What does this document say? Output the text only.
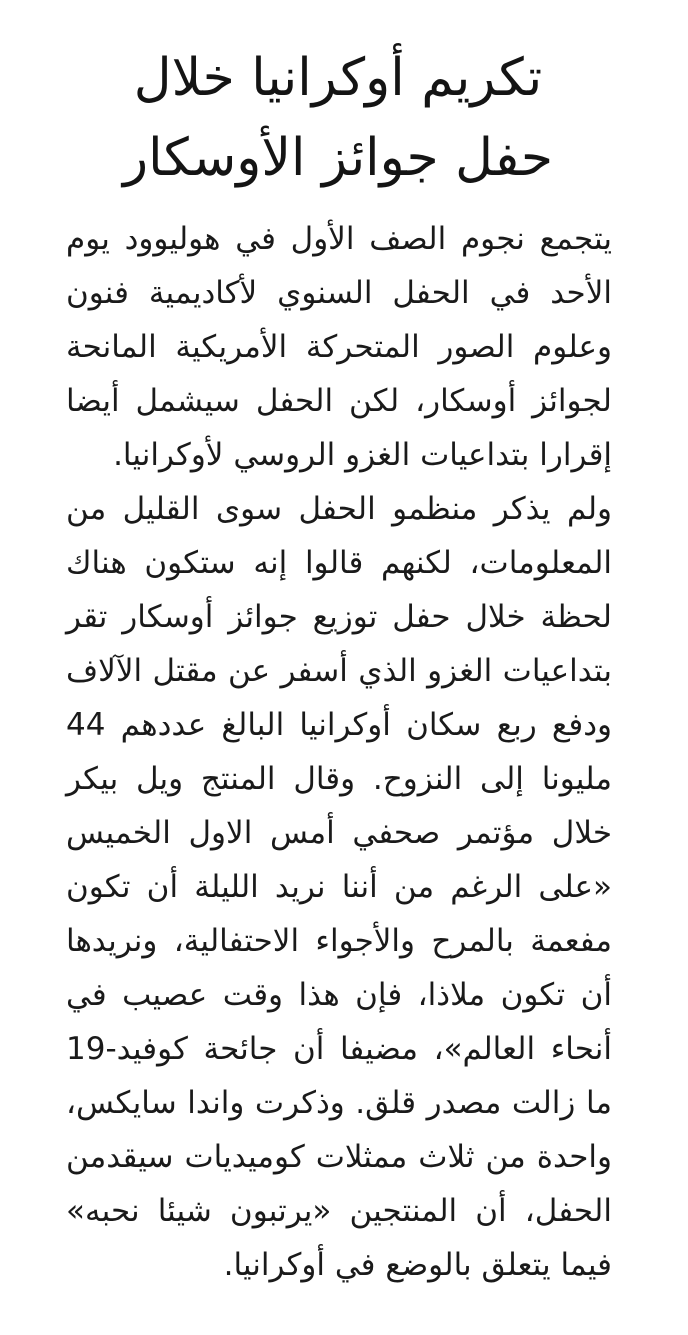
تكريم أوكرانيا خلال
حفل جوائز الأوسكار
يتجمع نجوم الصف الأول في هوليوود يوم
الأحد في الحفل السنوي لأكاديمية فنون
وعلوم الصور المتحركة الأمريكية المانحة
لجوائز أوسكار، لكن الحفل سيشمل أيضا
إقرارا بتداعيات الغزو الروسي لأوكرانيا.
ولم يذكر منظمو الحفل سوى القليل من
المعلومات، لكنهم قالوا إنه ستكون هناك
لحظة خلال حفل توزيع جوائز أوسكار تقر
بتداعيات الغزو الذي أسفر عن مقتل الآلاف
ودفع ربع سكان أوكرانيا البالغ عددهم 44
مليونا إلى النزوح. وقال المنتج ويل بيكر
خلال مؤتمر صحفي أمس الاول الخميس
«على الرغم من أننا نريد الليلة أن تكون
مفعمة بالمرح والأجواء الاحتفالية، ونريدها
أن تكون ملاذا، فإن هذا وقت عصيب في
أنحاء العالم»، مضيفا أن جائحة كوفيد-19
ما زالت مصدر قلق. وذكرت واندا سايكس،
واحدة من ثلاث ممثلات كوميديات سيقدمن
الحفل، أن المنتجين «يرتبون شيئا نحبه»
فيما يتعلق بالوضع في أوكرانيا.
